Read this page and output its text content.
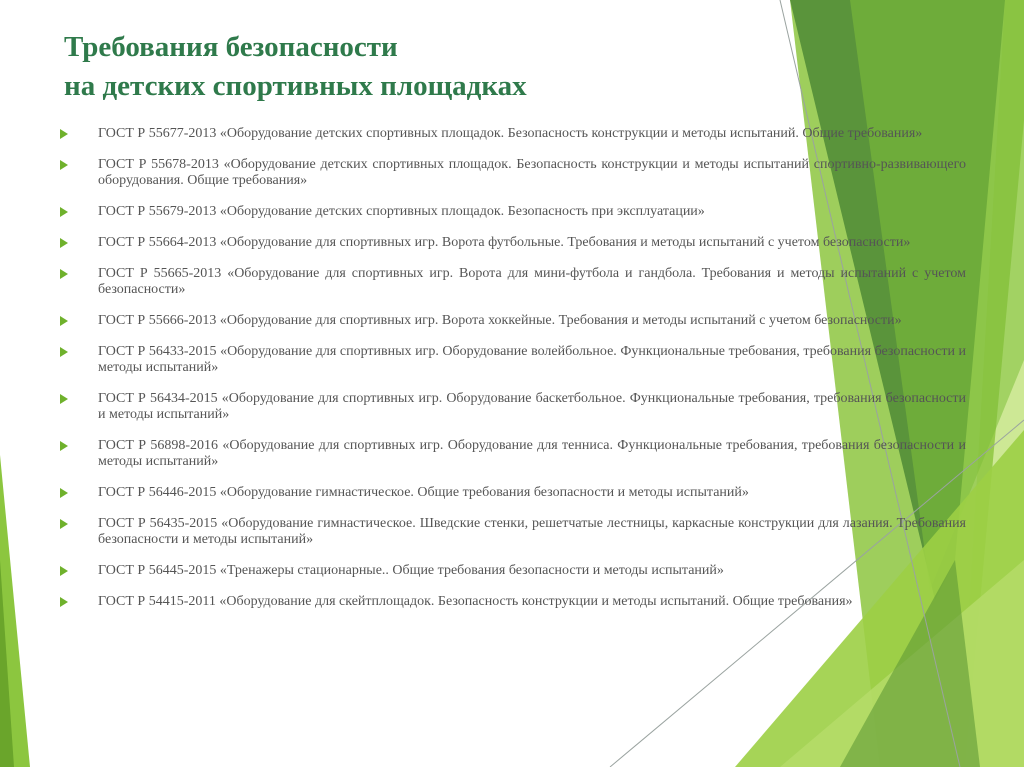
Требования безопасности
на детских спортивных площадках
ГОСТ Р 55677-2013 «Оборудование детских спортивных площадок. Безопасность конструкции и методы испытаний. Общие требования»
ГОСТ Р 55678-2013 «Оборудование детских спортивных площадок. Безопасность конструкции и методы испытаний спортивно-развивающего оборудования. Общие требования»
ГОСТ Р 55679-2013 «Оборудование детских спортивных площадок. Безопасность при эксплуатации»
ГОСТ Р 55664-2013 «Оборудование для спортивных игр. Ворота футбольные. Требования и методы испытаний с учетом безопасности»
ГОСТ Р 55665-2013 «Оборудование для спортивных игр. Ворота для мини-футбола и гандбола. Требования и методы испытаний с учетом безопасности»
ГОСТ Р 55666-2013 «Оборудование для спортивных игр. Ворота хоккейные. Требования и методы испытаний с учетом безопасности»
ГОСТ Р 56433-2015 «Оборудование для спортивных игр. Оборудование волейбольное. Функциональные требования, требования безопасности и методы испытаний»
ГОСТ Р 56434-2015 «Оборудование для спортивных игр. Оборудование баскетбольное. Функциональные требования, требования безопасности и методы испытаний»
ГОСТ Р 56898-2016 «Оборудование для спортивных игр. Оборудование для тенниса. Функциональные требования, требования безопасности и методы испытаний»
ГОСТ Р 56446-2015 «Оборудование гимнастическое. Общие требования безопасности и методы испытаний»
ГОСТ Р 56435-2015 «Оборудование гимнастическое. Шведские стенки, решетчатые лестницы, каркасные конструкции для лазания. Требования безопасности и методы испытаний»
ГОСТ Р 56445-2015 «Тренажеры стационарные.. Общие требования безопасности и методы испытаний»
ГОСТ Р 54415-2011 «Оборудование для скейтплощадок. Безопасность конструкции и методы испытаний. Общие требования»
